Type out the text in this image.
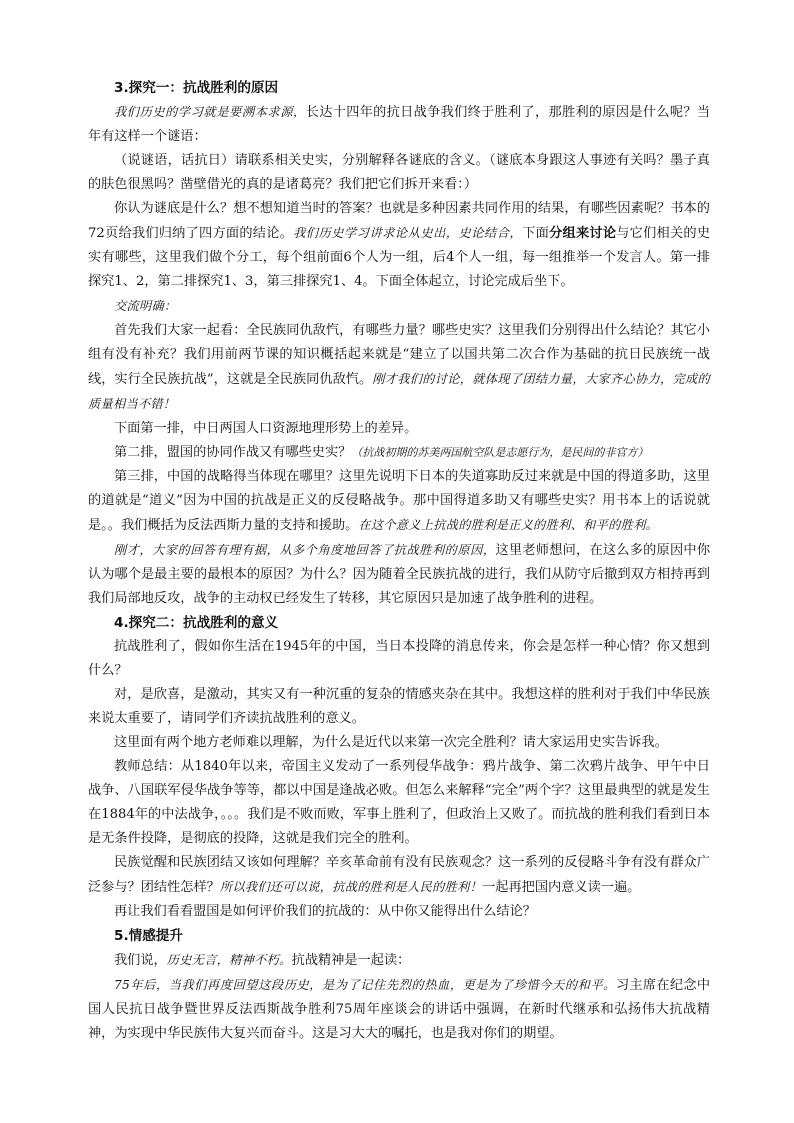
3.探究一：抗战胜利的原因

我们历史的学习就是要溯本求源，长达十四年的抗日战争我们终于胜利了，那胜利的原因是什么呢？当年有这样一个谜语：

（说谜语，话抗日）请联系相关史实，分别解释各谜底的含义。（谜底本身跟这人事迹有关吗？墨子真的肤色很黑吗？凿壁借光的真的是诸葛亮？我们把它们拆开来看：）

你认为谜底是什么？想不想知道当时的答案？也就是多种因素共同作用的结果，有哪些因素呢？书本的72页给我们归纳了四方面的结论。我们历史学习讲求论从史出，史论结合，下面分组来讨论与它们相关的史实有哪些，这里我们做个分工，每个组前面6个人为一组，后4个人一组，每一组推举一个发言人。第一排探究1、2，第二排探究1、3，第三排探究1、4。下面全体起立，讨论完成后坐下。

交流明确：

首先我们大家一起看：全民族同仇敌忾，有哪些力量？哪些史实？这里我们分别得出什么结论？其它小组有没有补充？我们用前两节课的知识概括起来就是“建立了以国共第二次合作为基础的抗日民族统一战线，实行全民族抗战”，这就是全民族同仇敌忾。刚才我们的讨论，就体现了团结力量，大家齐心协力，完成的质量相当不错！

下面第一排，中日两国人口资源地理形势上的差异。

第二排，盟国的协同作战又有哪些史实？（抗战初期的苏美两国航空队是志愿行为，是民间的非官方）

第三排，中国的战略得当体现在哪里？这里先说明下日本的失道寡助反过来就是中国的得道多助，这里的道就是“道义”因为中国的抗战是正义的反侵略战争。那中国得道多助又有哪些史实？用书本上的话说就是。。我们概括为反法西斯力量的支持和援助。在这个意义上抗战的胜利是正义的胜利、和平的胜利。

刚才，大家的回答有理有据，从多个角度地回答了抗战胜利的原因，这里老师想问，在这么多的原因中你认为哪个是最主要的最根本的原因？为什么？因为随着全民族抗战的进行，我们从防守后撤到双方相持再到我们局部地反攻，战争的主动权已经发生了转移，其它原因只是加速了战争胜利的进程。

4.探究二：抗战胜利的意义

抗战胜利了，假如你生活在1945年的中国，当日本投降的消息传来，你会是怎样一种心情？你又想到什么？

对，是欣喜，是激动，其实又有一种沉重的复杂的情感夹杂在其中。我想这样的胜利对于我们中华民族来说太重要了，请同学们齐读抗战胜利的意义。

这里面有两个地方老师难以理解，为什么是近代以来第一次完全胜利？请大家运用史实告诉我。

教师总结：从1840年以来，帝国主义发动了一系列侵华战争：鸦片战争、第二次鸦片战争、甲午中日战争、八国联军侵华战争等等，都以中国是逢战必败。但怎么来解释“完全”两个字？这里最典型的就是发生在1884年的中法战争，。。。我们是不败而败，军事上胜利了，但政治上又败了。而抗战的胜利我们看到日本是无条件投降，是彻底的投降，这就是我们完全的胜利。

民族觉醒和民族团结又该如何理解？辛亥革命前有没有民族观念？这一系列的反侵略斗争有没有群众广泛参与？团结性怎样？所以我们还可以说，抗战的胜利是人民的胜利！一起再把国内意义读一遍。

再让我们看看盟国是如何评价我们的抗战的：从中你又能得出什么结论？

5.情感提升

我们说，历史无言，精神不朽。抗战精神是一起读：

75年后，当我们再度回望这段历史，是为了记住先烈的热血，更是为了珍惜今天的和平。习主席在纪念中国人民抗日战争暨世界反法西斯战争胜利75周年座谈会的讲话中强调，在新时代继承和弘扬伟大抗战精神，为实现中华民族伟大复兴而奋斗。这是习大大的嘱托，也是我对你们的期望。
